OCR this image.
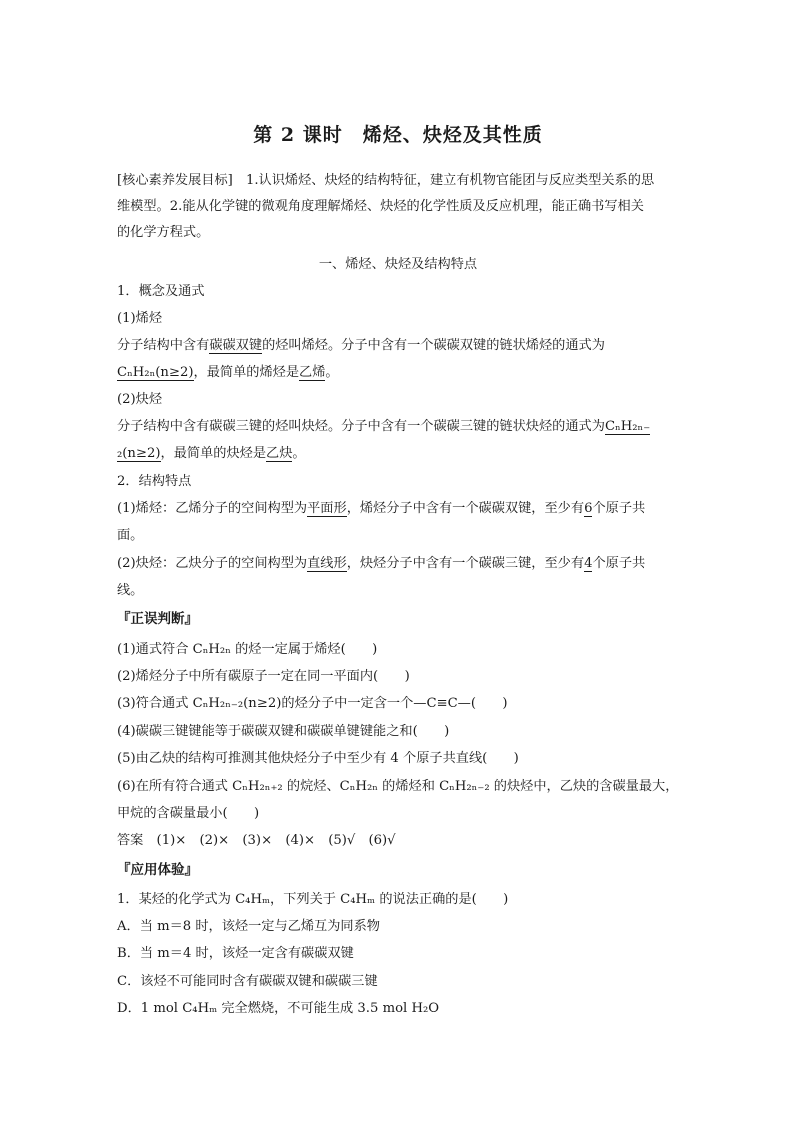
第 2 课时　烯烃、炔烃及其性质
[核心素养发展目标]　1.认识烯烃、炔烃的结构特征，建立有机物官能团与反应类型关系的思
维模型。2.能从化学键的微观角度理解烯烃、炔烃的化学性质及反应机理，能正确书写相关
的化学方程式。
一、烯烃、炔烃及结构特点
1．概念及通式
(1)烯烃
分子结构中含有碳碳双键的烃叫烯烃。分子中含有一个碳碳双键的链状烯烃的通式为
CₙH₂ₙ(n≥2)，最简单的烯烃是乙烯。
(2)炔烃
分子结构中含有碳碳三键的烃叫炔烃。分子中含有一个碳碳三键的链状炔烃的通式为CₙH₂ₙ₋
₂(n≥2)，最简单的炔烃是乙炔。
2．结构特点
(1)烯烃：乙烯分子的空间构型为平面形，烯烃分子中含有一个碳碳双键，至少有6个原子共
面。
(2)炔烃：乙炔分子的空间构型为直线形，炔烃分子中含有一个碳碳三键，至少有4个原子共
线。
『正误判断』
(1)通式符合 CₙH₂ₙ 的烃一定属于烯烃(　　)
(2)烯烃分子中所有碳原子一定在同一平面内(　　)
(3)符合通式 CₙH₂ₙ₋₂(n≥2)的烃分子中一定含一个—C≡C—(　　)
(4)碳碳三键键能等于碳碳双键和碳碳单键键能之和(　　)
(5)由乙炔的结构可推测其他炔烃分子中至少有 4 个原子共直线(　　)
(6)在所有符合通式 CₙH₂ₙ₊₂ 的烷烃、CₙH₂ₙ 的烯烃和 CₙH₂ₙ₋₂ 的炔烃中，乙炔的含碳量最大，
甲烷的含碳量最小(　　)
答案　(1)×　(2)×　(3)×　(4)×　(5)√　(6)√
『应用体验』
1．某烃的化学式为 C₄Hₘ，下列关于 C₄Hₘ 的说法正确的是(　　)
A．当 m＝8 时，该烃一定与乙烯互为同系物
B．当 m＝4 时，该烃一定含有碳碳双键
C．该烃不可能同时含有碳碳双键和碳碳三键
D．1 mol C₄Hₘ 完全燃烧，不可能生成 3.5 mol H₂O
